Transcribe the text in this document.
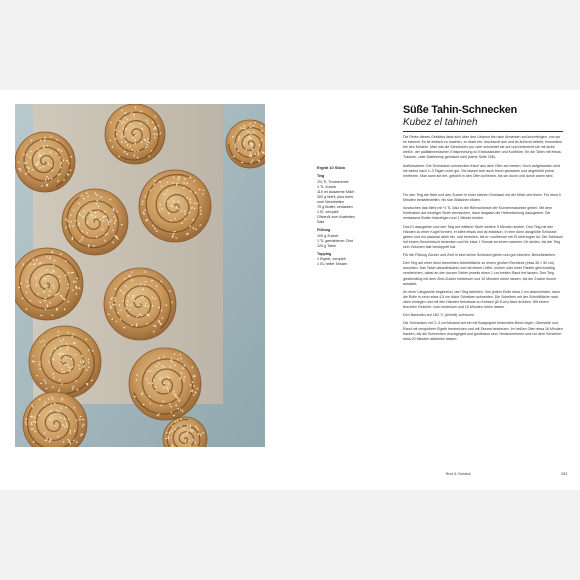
Ergibt 10 Stück
Teig
1½ TL Trockenhefe
1 TL Zucker
110 ml lauwarme Milch
300 g Mehl, plus mehr
zum Verarbeiten
75 g Butter, zerlassen
1 Ei, verquirlt
Olivenöl zum Ausfetten
Salz
Füllung
100 g Zucker
1 TL gemahlener Zimt
120 g Tahin
Topping
1 Eigelb, verquirlt
1 EL heller Sesam
Süße Tahin-Schnecken
Kubez el tahineh
Die Reise dieses Gebäcks lässt sich über den Libanon bis nach Armenien zurückverfolgen, von wo es stammt. Es ist einfach zu machen, zu stark ein- drucksvoll aus und ist äußerst beliebt, besonders bei den Kindern. Man isst die Schnecken pur oder schneidet sie auf und bestreicht sie mit dicke weiße, der palästinensischen Entsprechung zu Erdnussbutter und Konfitüre, für die Tahin mit etwas Trauben- oder Dattelsirup gemischt wird (siehe Seite 336).
Aufbewahren: Die Schnecken schmecken frisch aus dem Ofen am besten. Doch aufgebacken sind sie selbst nach 2–3 Tagen noch gut. Sie lassen sich auch frisch gebacken und abgekühlt prima einfrieren. Man kann sie tief- gekühlt in den Ofen schieben, bis sie durch und durch warm sind.
Für den Teig die Hefe und den Zucker in einer kleinen Schüssel mit der Milch verrühren. Für etwa 5 Minuten beiseitestellen, bis sich Bläschen bilden.
Inzwischen das Mehl mit ½ TL Salz in die Rührschüssel der Küchenmaschine geben. Mit dem Knethaken auf niedriger Stufe vermischen, dann langsam die Hefemischung dazugeben. Die zerlassene Butter hinzufügen und 1 Minute kneten.
Das Ei dazugeben und den Teig auf mittlerer Stufe weitere 5 Minuten kneten. Den Teig mit den Händen zu einer Kugel formen; er klebt etwas und ist elastisch. In eine dünn ausgeölte Schüssel geben und ein paarmal darin hin- und herrollen, bis er rundherum mit Öl überzogen ist. Die Schüssel mit einem Geschirrtuch bedecken und für etwa 1 Stunde an einem warmen Ort stellen, bis der Teig sein Volumen fast verdoppelt hat.
Für die Füllung Zucker und Zimt in eine kleine Schüssel geben und gut mischen. Beiseitestellen.
Den Teig auf einer dünn bemehlten Arbeitsfläche zu einem großen Rechteck (etwa 35 × 50 cm) ausrollen. Das Tahin daraufträufeln und mit einem Löffel- rücken oder einer Palette gleichmäßig verstreichen, dabei an den kurzen Seiten jeweils einen 1 cm breiten Rand frei lassen. Den Teig gleichmäßig mit dem Zimt-Zucker bestreuen und 10 Minuten ruhen lassen, bis der Zucker feucht aussieht.
An einer Längsseite beginnend, den Teig aufrollen. Von jedem Ende etwa 2 cm abschneiden, dann die Rolle in zehn etwa 4,5 cm dicke Scheiben schneiden. Die Scheiben mit der Schnittfläche nach oben hinlegen und mit den Händen behutsam zu Kreisen (Ø 8 cm) flach drücken. Mit einem feuchten Geschirr- tuch bedecken und 15 Minuten ruhen lassen.
Den Backofen auf 160 °C (Umluft) vorheizen.
Die Schnecken mit 2–3 cm Abstand auf ein mit Backpapier bedecktes Blech legen. Oberseite und Rand mit verquirltem Eigelb bestreichen und mit Sesam bestreuen. Im heißen Ofen etwa 16 Minuten backen, bis die Schnecken durchgegart und goldbraun sind. Herausnehmen und vor dem Servieren etwa 20 Minuten abkühlen lassen.
Brot & Gebäck	283
